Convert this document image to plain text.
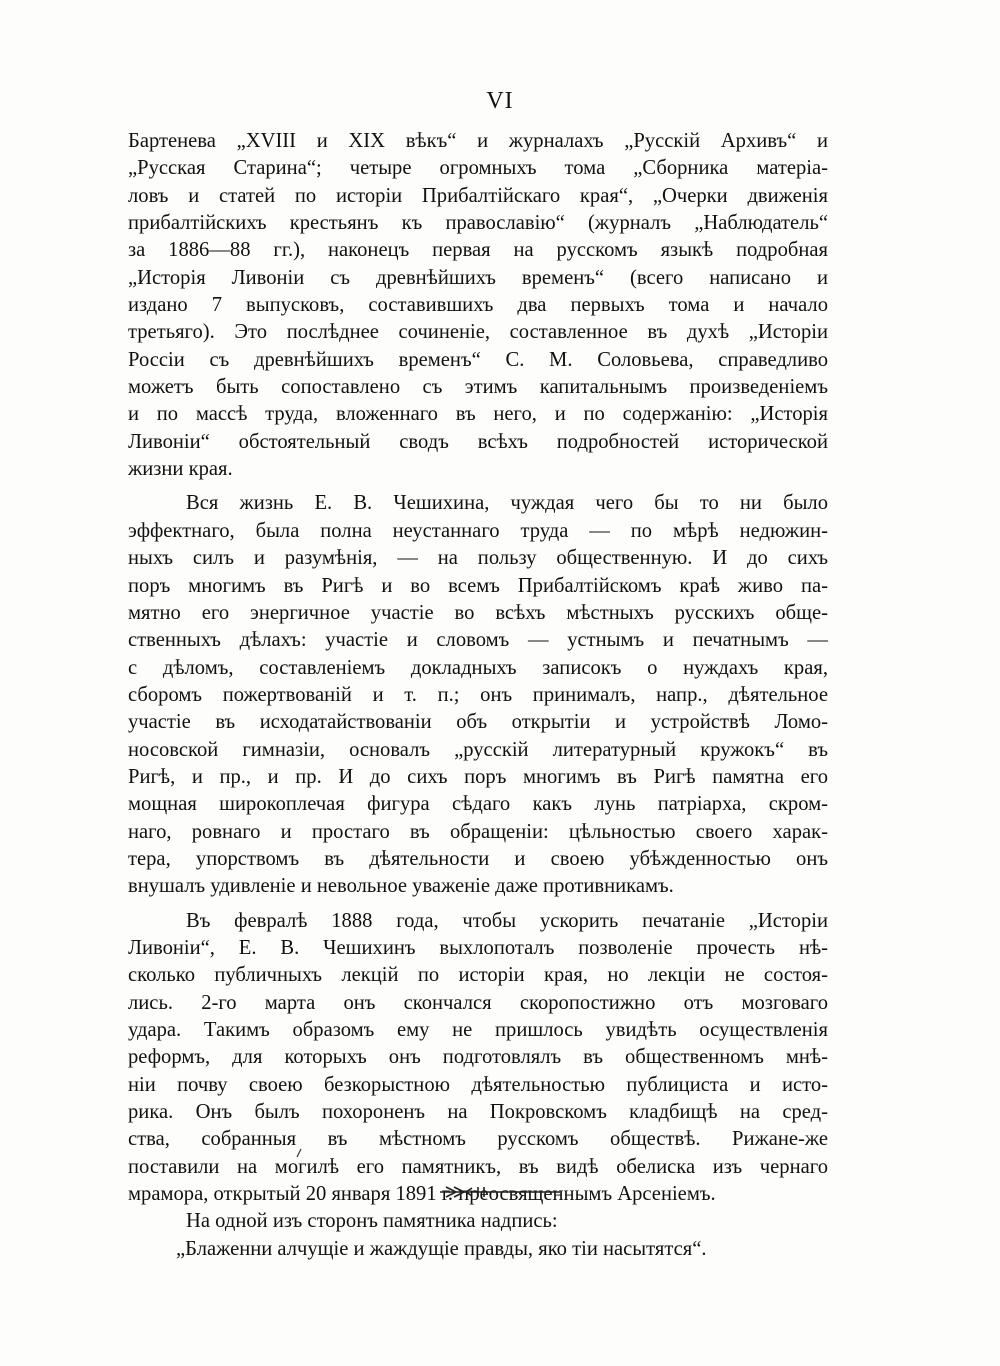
VI
Бартенева „XVIII и XIX вѣкъ“ и журналахъ „Русскій Архивъ“ и
„Русская Старина“; четыре огромныхъ тома „Сборника матеріа-
ловъ и статей по исторіи Прибалтійскаго края“, „Очерки движенія
прибалтійскихъ крестьянъ къ православію“ (журналъ „Наблюдатель“
за 1886—88 гг.), наконецъ первая на русскомъ языкѣ подробная
„Исторія Ливоніи съ древнѣйшихъ временъ“ (всего написано и
издано 7 выпусковъ, составившихъ два первыхъ тома и начало
третьяго). Это послѣднее сочиненіе, составленное въ духѣ „Исторіи
Россіи съ древнѣйшихъ временъ“ С. М. Соловьева, справедливо
можетъ быть сопоставлено съ этимъ капитальнымъ произведеніемъ
и по массѣ труда, вложеннаго въ него, и по содержанію: „Исторія
Ливоніи“ обстоятельный сводъ всѣхъ подробностей исторической
жизни края.
Вся жизнь Е. В. Чешихина, чуждая чего бы то ни было
эффектнаго, была полна неустаннаго труда — по мѣрѣ недюжин-
ныхъ силъ и разумѣнія, — на пользу общественную. И до сихъ
поръ многимъ въ Ригѣ и во всемъ Прибалтійскомъ краѣ живо па-
мятно его энергичное участіе во всѣхъ мѣстныхъ русскихъ обще-
ственныхъ дѣлахъ: участіе и словомъ — устнымъ и печатнымъ —
с дѣломъ, составленіемъ докладныхъ записокъ о нуждахъ края,
сборомъ пожертвованій и т. п.; онъ принималъ, напр., дѣятельное
участіе въ исходатайствованіи объ открытіи и устройствѣ Ломо-
носовской гимназіи, основалъ „русскій литературный кружокъ“ въ
Ригѣ, и пр., и пр. И до сихъ поръ многимъ въ Ригѣ памятна его
мощная широкоплечая фигура сѣдаго какъ лунь патріарха, скром-
наго, ровнаго и простаго въ обращеніи: цѣльностью своего харак-
тера, упорствомъ въ дѣятельности и своею убѣжденностью онъ
внушалъ удивленіе и невольное уваженіе даже противникамъ.
Въ февралѣ 1888 года, чтобы ускорить печатаніе „Исторіи
Ливоніи“, Е. В. Чешихинъ выхлопоталъ позволеніе прочесть нѣ-
сколько публичныхъ лекцій по исторіи края, но лекціи не состоя-
лись. 2-го марта онъ скончался скоропостижно отъ мозговаго
удара. Такимъ образомъ ему не пришлось увидѣть осуществленія
реформъ, для которыхъ онъ подготовлялъ въ общественномъ мнѣ-
ніи почву своею безкорыстною дѣятельностью публициста и исто-
рика. Онъ былъ похороненъ на Покровскомъ кладбищѣ на сред-
ства, собранныя въ мѣстномъ русскомъ обществѣ. Рижане-же
поставили на могилѣ его памятникъ, въ видѣ обелиска изъ чернаго
мрамора, открытый 20 января 1891 г. преосвященнымъ Арсеніемъ.
На одной изъ сторонъ памятника надпись:
„Блаженни алчущіе и жаждущіе правды, яко тіи насытятся“.
